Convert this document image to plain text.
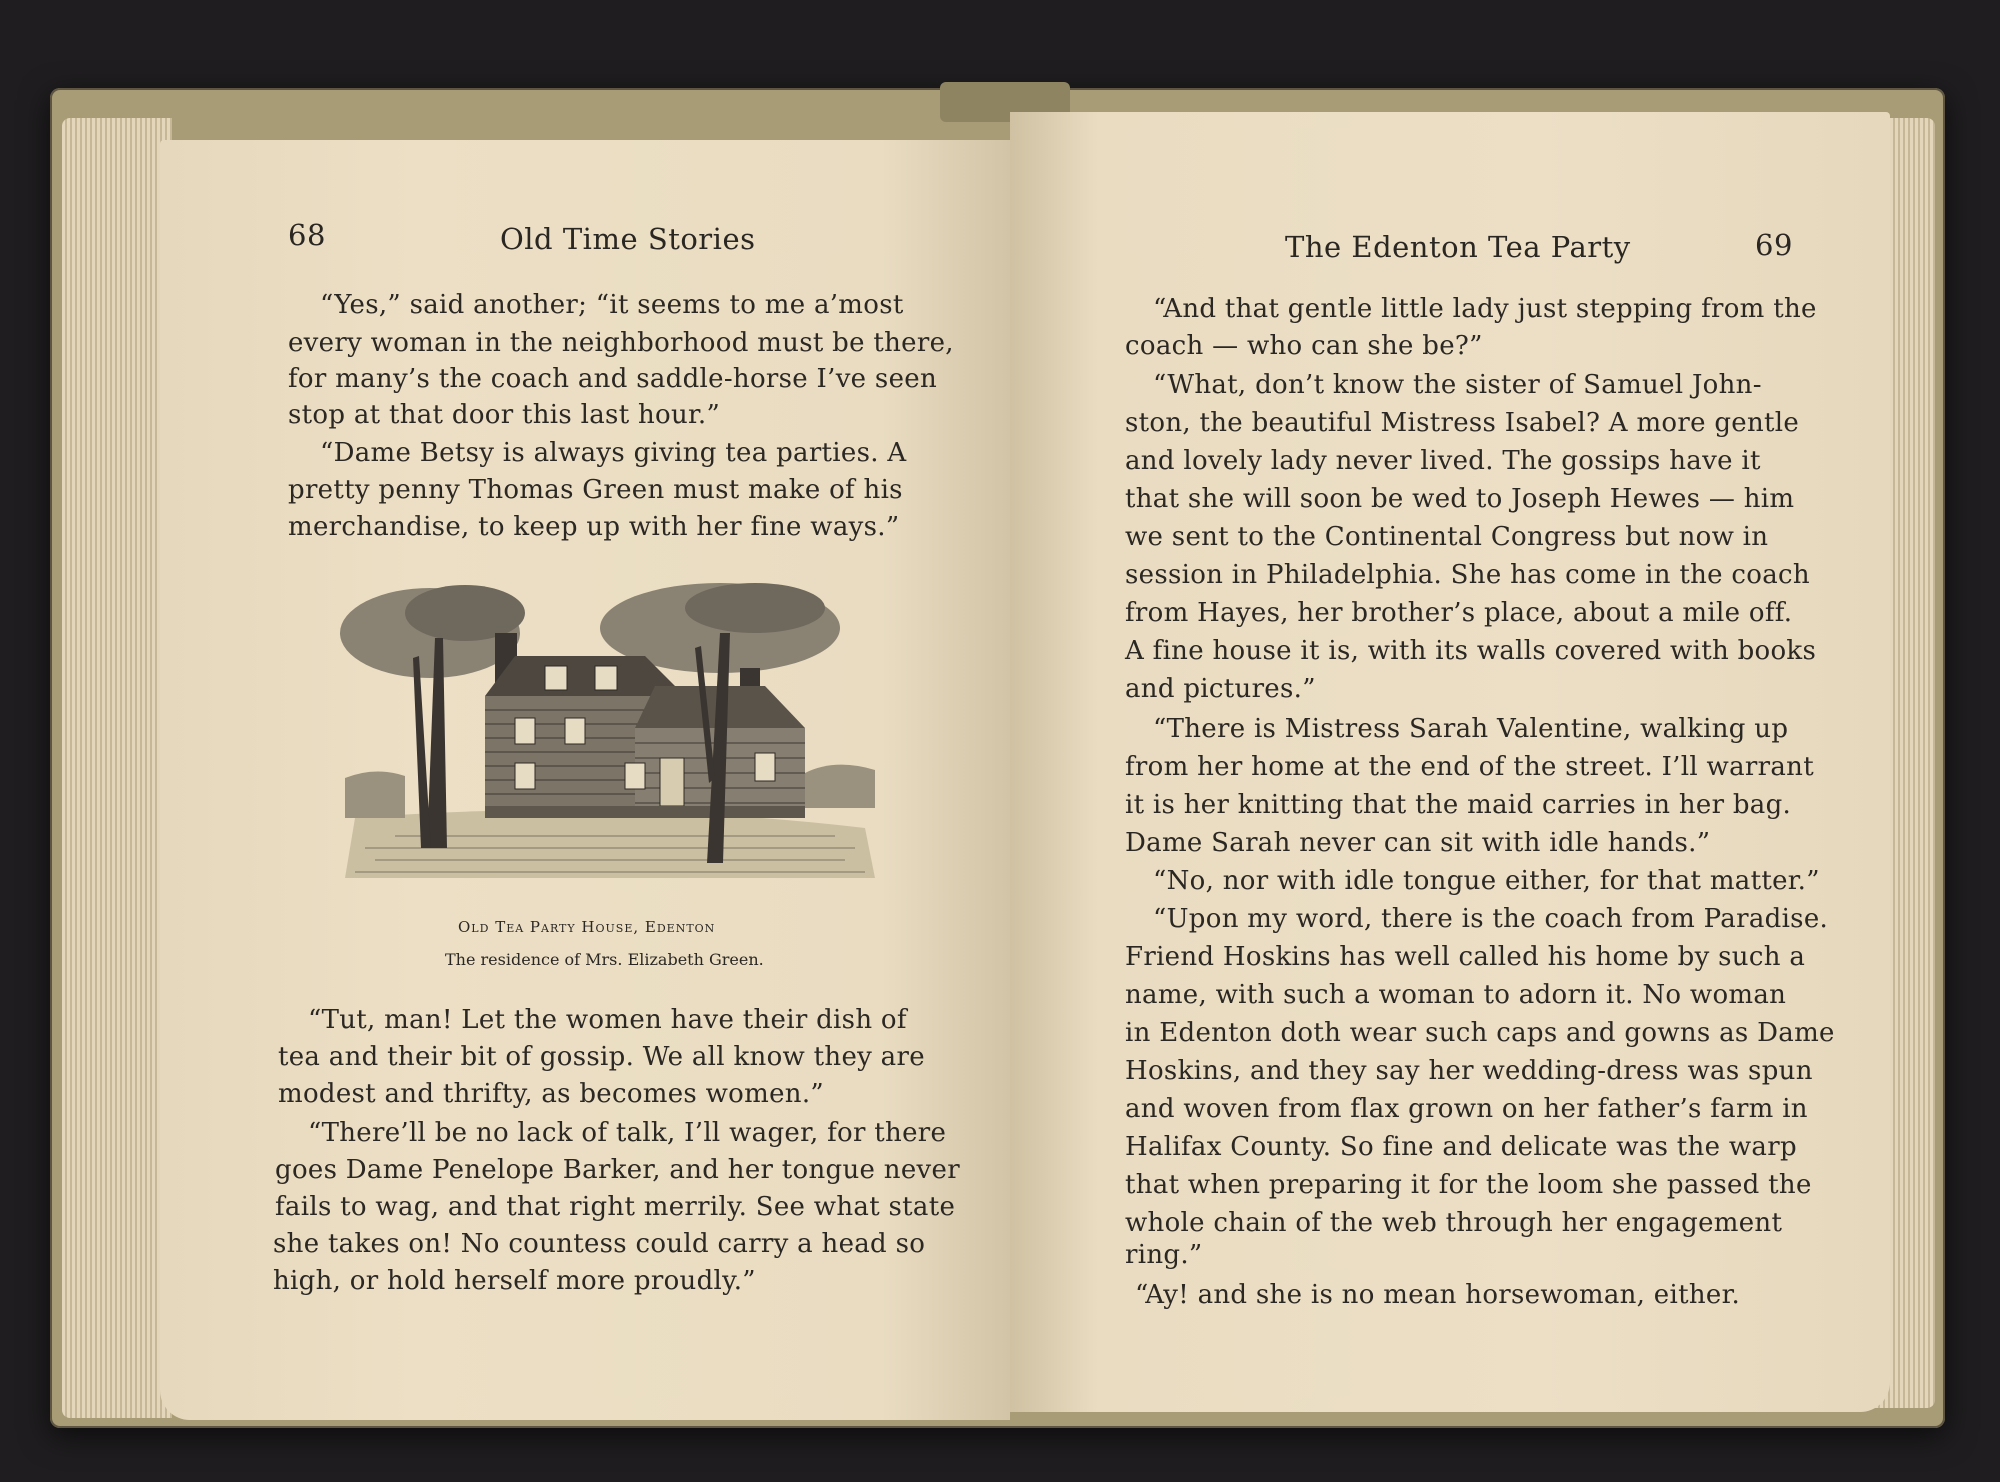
68	Old Time Stories
“Yes,” said another; “it seems to me a’most
every woman in the neighborhood must be there,
for many’s the coach and saddle-horse I’ve seen
stop at that door this last hour.”
“Dame Betsy is always giving tea parties. A
pretty penny Thomas Green must make of his
merchandise, to keep up with her fine ways.”
Old Tea Party House, Edenton
The residence of Mrs. Elizabeth Green.
“Tut, man! Let the women have their dish of
tea and their bit of gossip. We all know they are
modest and thrifty, as becomes women.”
“There’ll be no lack of talk, I’ll wager, for there
goes Dame Penelope Barker, and her tongue never
fails to wag, and that right merrily. See what state
she takes on! No countess could carry a head so
high, or hold herself more proudly.”
The Edenton Tea Party	69
“And that gentle little lady just stepping from the
coach — who can she be?”
“What, don’t know the sister of Samuel John-
ston, the beautiful Mistress Isabel? A more gentle
and lovely lady never lived. The gossips have it
that she will soon be wed to Joseph Hewes — him
we sent to the Continental Congress but now in
session in Philadelphia. She has come in the coach
from Hayes, her brother’s place, about a mile off.
A fine house it is, with its walls covered with books
and pictures.”
“There is Mistress Sarah Valentine, walking up
from her home at the end of the street. I’ll warrant
it is her knitting that the maid carries in her bag.
Dame Sarah never can sit with idle hands.”
“No, nor with idle tongue either, for that matter.”
“Upon my word, there is the coach from Paradise.
Friend Hoskins has well called his home by such a
name, with such a woman to adorn it. No woman
in Edenton doth wear such caps and gowns as Dame
Hoskins, and they say her wedding-dress was spun
and woven from flax grown on her father’s farm in
Halifax County. So fine and delicate was the warp
that when preparing it for the loom she passed the
whole chain of the web through her engagement
ring.”
“Ay! and she is no mean horsewoman, either.
